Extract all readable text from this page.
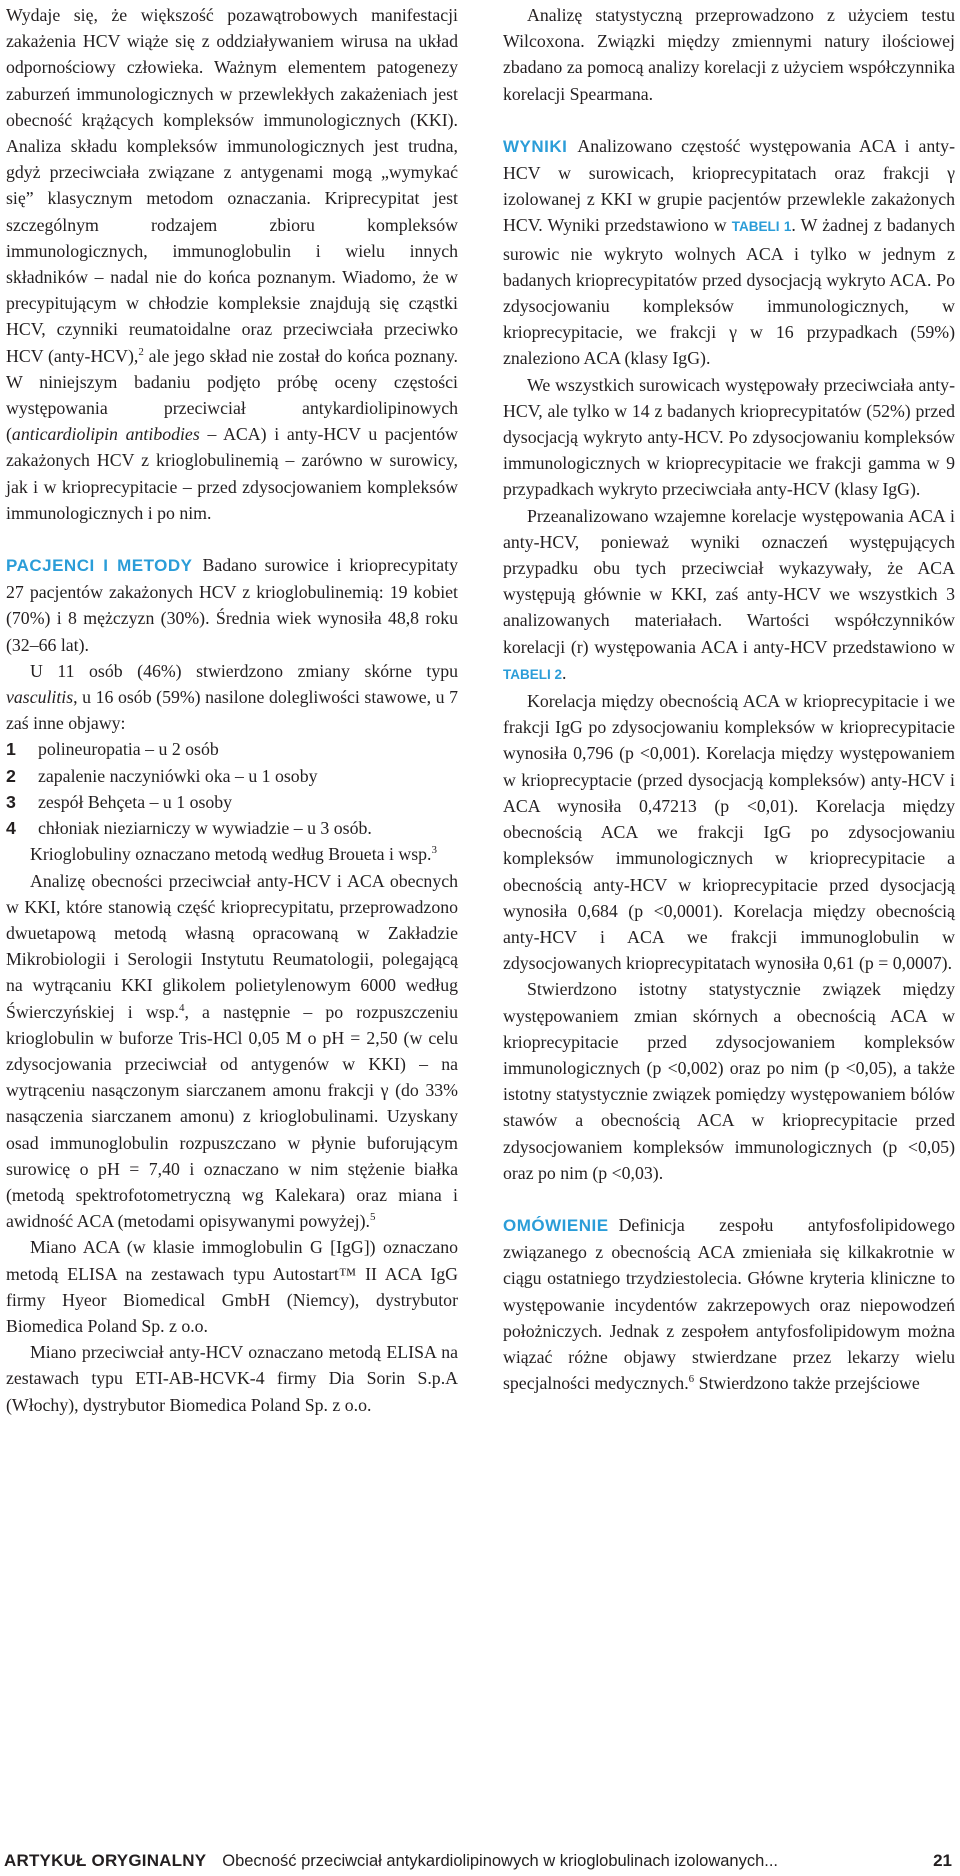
Wydaje się, że większość pozawątrobowych manifestacji zakażenia HCV wiąże się z oddziaływaniem wirusa na układ odpornościowy człowieka. Ważnym elementem patogenezy zaburzeń immunologicznych w przewlekłych zakażeniach jest obecność krążących kompleksów immunologicznych (KKI). Analiza składu kompleksów immunologicznych jest trudna, gdyż przeciwciała związane z antygenami mogą „wymykać się” klasycznym metodom oznaczania. Kriprecypitat jest szczególnym rodzajem zbioru kompleksów immunologicznych, immunoglobulin i wielu innych składników – nadal nie do końca poznanym. Wiadomo, że w precypitującym w chłodzie kompleksie znajdują się cząstki HCV, czynniki reumatoidalne oraz przeciwciała przeciwko HCV (anty-HCV),$^2$ ale jego skład nie został do końca poznany. W niniejszym badaniu podjęto próbę oceny częstości występowania przeciwciał antykardiolipinowych (anticardiolipin antibodies – ACA) i anty-HCV u pacjentów zakażonych HCV z krioglobulinemią – zarówno w surowicy, jak i w krioprecypitacie – przed zdysocjowaniem kompleksów immunologicznych i po nim.

PACJENCI I METODY Badano surowice i krioprecypitaty 27 pacjentów zakażonych HCV z krioglobulinemią: 19 kobiet (70%) i 8 mężczyzn (30%). Średnia wiek wynosiła 48,8 roku (32–66 lat).

U 11 osób (46%) stwierdzono zmiany skórne typu vasculitis, u 16 osób (59%) nasilone dolegliwości stawowe, u 7 zaś inne objawy:

1	polineuropatia – u 2 osób
2	zapalenie naczyniówki oka – u 1 osoby
3	zespół Behçeta – u 1 osoby
4	chłoniak nieziarniczy w wywiadzie – u 3 osób.

Krioglobuliny oznaczano metodą według Broueta i wsp.$^3$

Analizę obecności przeciwciał anty-HCV i ACA obecnych w KKI, które stanowią część krioprecypitatu, przeprowadzono dwuetapową metodą własną opracowaną w Zakładzie Mikrobiologii i Serologii Instytutu Reumatologii, polegającą na wytrącaniu KKI glikolem polietylenowym 6000 według Świerczyńskiej i wsp.$^4$, a następnie – po rozpuszczeniu krioglobulin w buforze Tris-HCl 0,05 M o pH = 2,50 (w celu zdysocjowania przeciwciał od antygenów w KKI) – na wytrąceniu nasączonym siarczanem amonu frakcji γ (do 33% nasączenia siarczanem amonu) z krioglobulinami. Uzyskany osad immunoglobulin rozpuszczano w płynie buforującym surowicę o pH = 7,40 i oznaczano w nim stężenie białka (metodą spektrofotometryczną wg Kalekara) oraz miana i awidność ACA (metodami opisywanymi powyżej).$^5$

Miano ACA (w klasie immoglobulin G [IgG]) oznaczano metodą ELISA na zestawach typu Autostart™ II ACA IgG firmy Hyeor Biomedical GmbH (Niemcy), dystrybutor Biomedica Poland Sp. z o.o.

Miano przeciwciał anty-HCV oznaczano metodą ELISA na zestawach typu ETI-AB-HCVK-4 firmy Dia Sorin S.p.A (Włochy), dystrybutor Biomedica Poland Sp. z o.o.

Analizę statystyczną przeprowadzono z użyciem testu Wilcoxona. Związki między zmiennymi natury ilościowej zbadano za pomocą analizy korelacji z użyciem współczynnika korelacji Spearmana.

WYNIKI Analizowano częstość występowania ACA i anty-HCV w surowicach, krioprecypitatach oraz frakcji γ izolowanej z KKI w grupie pacjentów przewlekle zakażonych HCV. Wyniki przedstawiono w TABELI 1. W żadnej z badanych surowic nie wykryto wolnych ACA i tylko w jednym z badanych krioprecypitatów przed dysocjacją wykryto ACA. Po zdysocjowaniu kompleksów immunologicznych, w krioprecypitacie, we frakcji γ w 16 przypadkach (59%) znaleziono ACA (klasy IgG).

We wszystkich surowicach występowały przeciwciała anty-HCV, ale tylko w 14 z badanych krioprecypitatów (52%) przed dysocjacją wykryto anty-HCV. Po zdysocjowaniu kompleksów immunologicznych w krioprecypitacie we frakcji gamma w 9 przypadkach wykryto przeciwciała anty-HCV (klasy IgG).

Przeanalizowano wzajemne korelacje występowania ACA i anty-HCV, ponieważ wyniki oznaczeń występujących przypadku obu tych przeciwciał wykazywały, że ACA występują głównie w KKI, zaś anty-HCV we wszystkich 3 analizowanych materiałach. Wartości współczynników korelacji (r) występowania ACA i anty-HCV przedstawiono w TABELI 2.

Korelacja między obecnością ACA w krioprecypitacie i we frakcji IgG po zdysocjowaniu kompleksów w krioprecypitacie wynosiła 0,796 (p <0,001). Korelacja między występowaniem w krioprecyptacie (przed dysocjacją kompleksów) anty-HCV i ACA wynosiła 0,47213 (p <0,01). Korelacja między obecnością ACA we frakcji IgG po zdysocjowaniu kompleksów immunologicznych w krioprecypitacie a obecnością anty-HCV w krioprecypitacie przed dysocjacją wynosiła 0,684 (p <0,0001). Korelacja między obecnością anty-HCV i ACA we frakcji immunoglobulin w zdysocjowanych krioprecypitatach wynosiła 0,61 (p = 0,0007).

Stwierdzono istotny statystycznie związek między występowaniem zmian skórnych a obecnością ACA w krioprecypitacie przed zdysocjowaniem kompleksów immunologicznych (p <0,002) oraz po nim (p <0,05), a także istotny statystycznie związek pomiędzy występowaniem bólów stawów a obecnością ACA w krioprecypitacie przed zdysocjowaniem kompleksów immunologicznych (p <0,05) oraz po nim (p <0,03).

OMÓWIENIE Definicja zespołu antyfosfolipidowego związanego z obecnością ACA zmieniała się kilkakrotnie w ciągu ostatniego trzydziestolecia. Główne kryteria kliniczne to występowanie incydentów zakrzepowych oraz niepowodzeń położniczych. Jednak z zespołem antyfosfolipidowym można wiązać różne objawy stwierdzane przez lekarzy wielu specjalności medycznych.$^6$ Stwierdzono także przejściowe

ARTYKUŁ ORYGINALNY Obecność przeciwciał antykardiolipinowych w krioglobulinach izolowanych...	21
